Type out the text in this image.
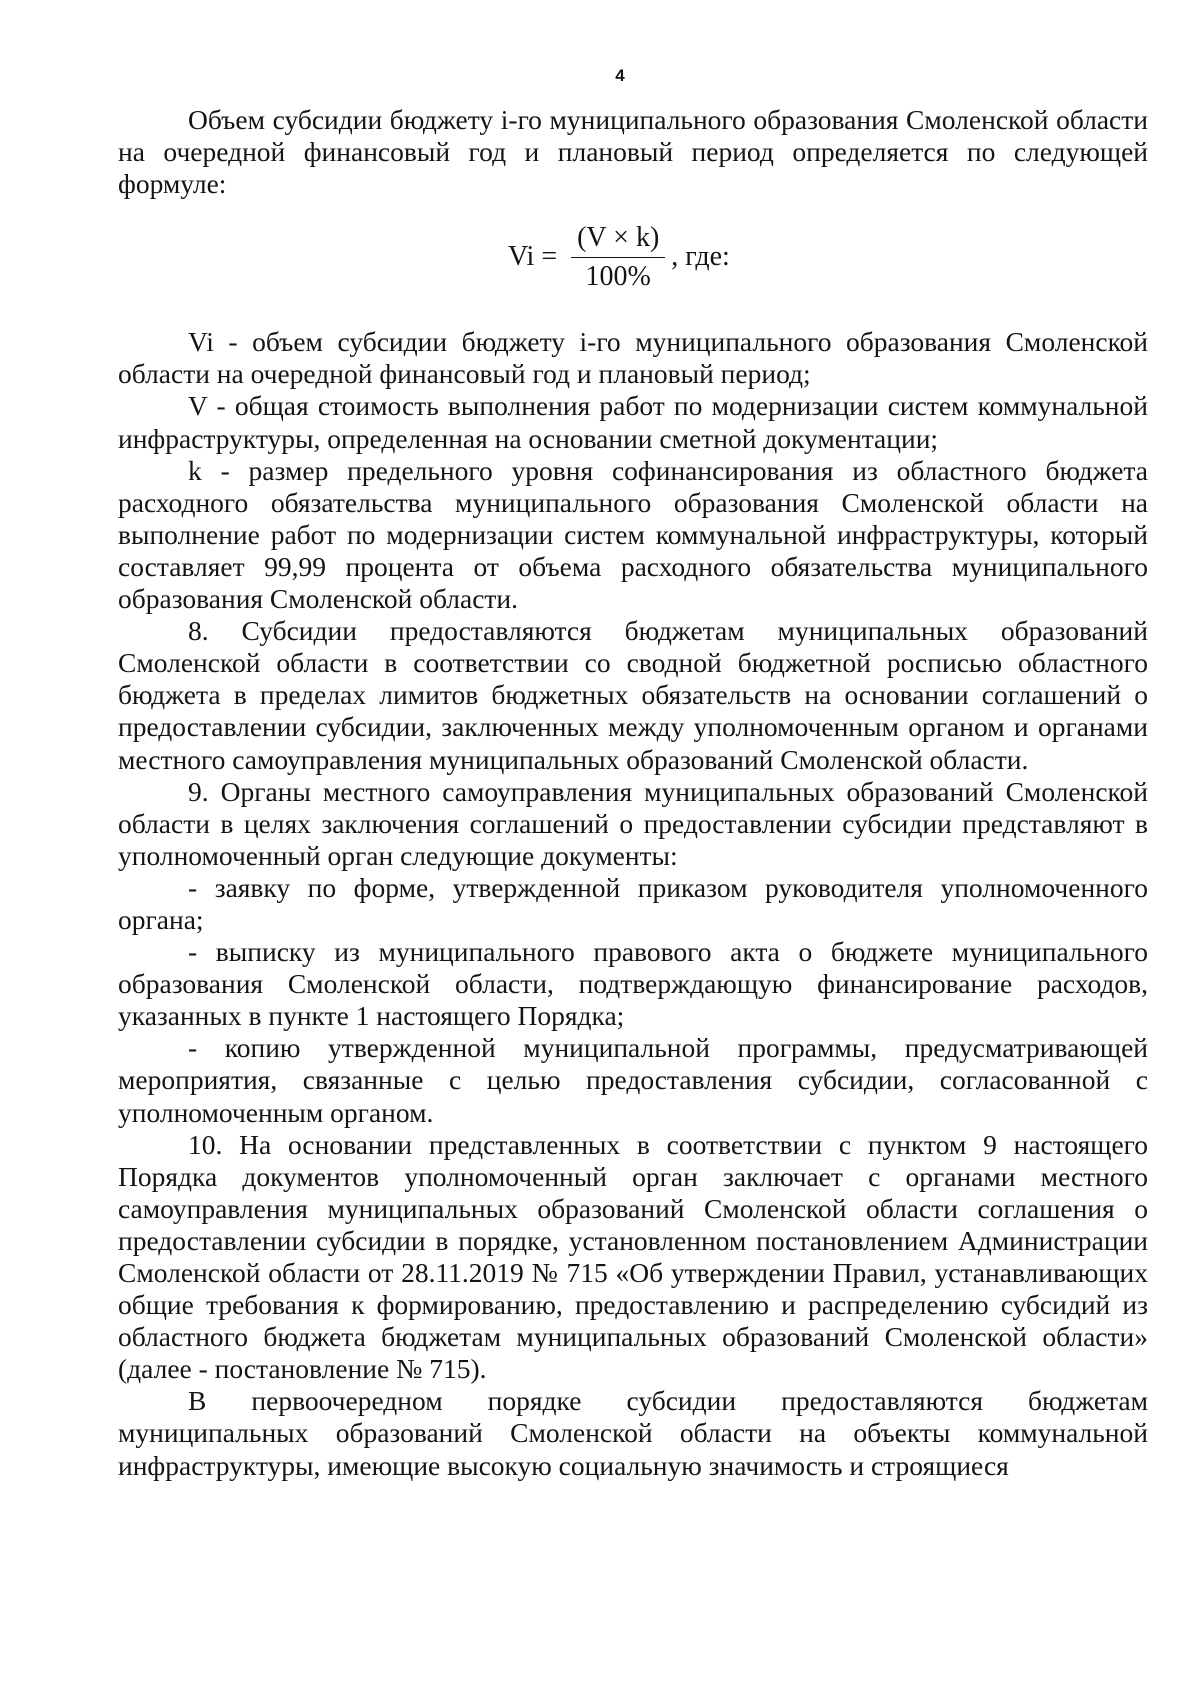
4

Объем субсидии бюджету i-го муниципального образования Смоленской области на очередной финансовый год и плановый период определяется по следующей формуле:

$Vi = \frac{(V \times k)}{100\%}$ , где:

Vi - объем субсидии бюджету i-го муниципального образования Смоленской области на очередной финансовый год и плановый период;

V - общая стоимость выполнения работ по модернизации систем коммунальной инфраструктуры, определенная на основании сметной документации;

k - размер предельного уровня софинансирования из областного бюджета расходного обязательства муниципального образования Смоленской области на выполнение работ по модернизации систем коммунальной инфраструктуры, который составляет 99,99 процента от объема расходного обязательства муниципального образования Смоленской области.

8. Субсидии предоставляются бюджетам муниципальных образований Смоленской области в соответствии со сводной бюджетной росписью областного бюджета в пределах лимитов бюджетных обязательств на основании соглашений о предоставлении субсидии, заключенных между уполномоченным органом и органами местного самоуправления муниципальных образований Смоленской области.

9. Органы местного самоуправления муниципальных образований Смоленской области в целях заключения соглашений о предоставлении субсидии представляют в уполномоченный орган следующие документы:

- заявку по форме, утвержденной приказом руководителя уполномоченного органа;

- выписку из муниципального правового акта о бюджете муниципального образования Смоленской области, подтверждающую финансирование расходов, указанных в пункте 1 настоящего Порядка;

- копию утвержденной муниципальной программы, предусматривающей мероприятия, связанные с целью предоставления субсидии, согласованной с уполномоченным органом.

10. На основании представленных в соответствии с пунктом 9 настоящего Порядка документов уполномоченный орган заключает с органами местного самоуправления муниципальных образований Смоленской области соглашения о предоставлении субсидии в порядке, установленном постановлением Администрации Смоленской области от 28.11.2019 № 715 «Об утверждении Правил, устанавливающих общие требования к формированию, предоставлению и распределению субсидий из областного бюджета бюджетам муниципальных образований Смоленской области» (далее - постановление № 715).

В первоочередном порядке субсидии предоставляются бюджетам муниципальных образований Смоленской области на объекты коммунальной инфраструктуры, имеющие высокую социальную значимость и строящиеся
